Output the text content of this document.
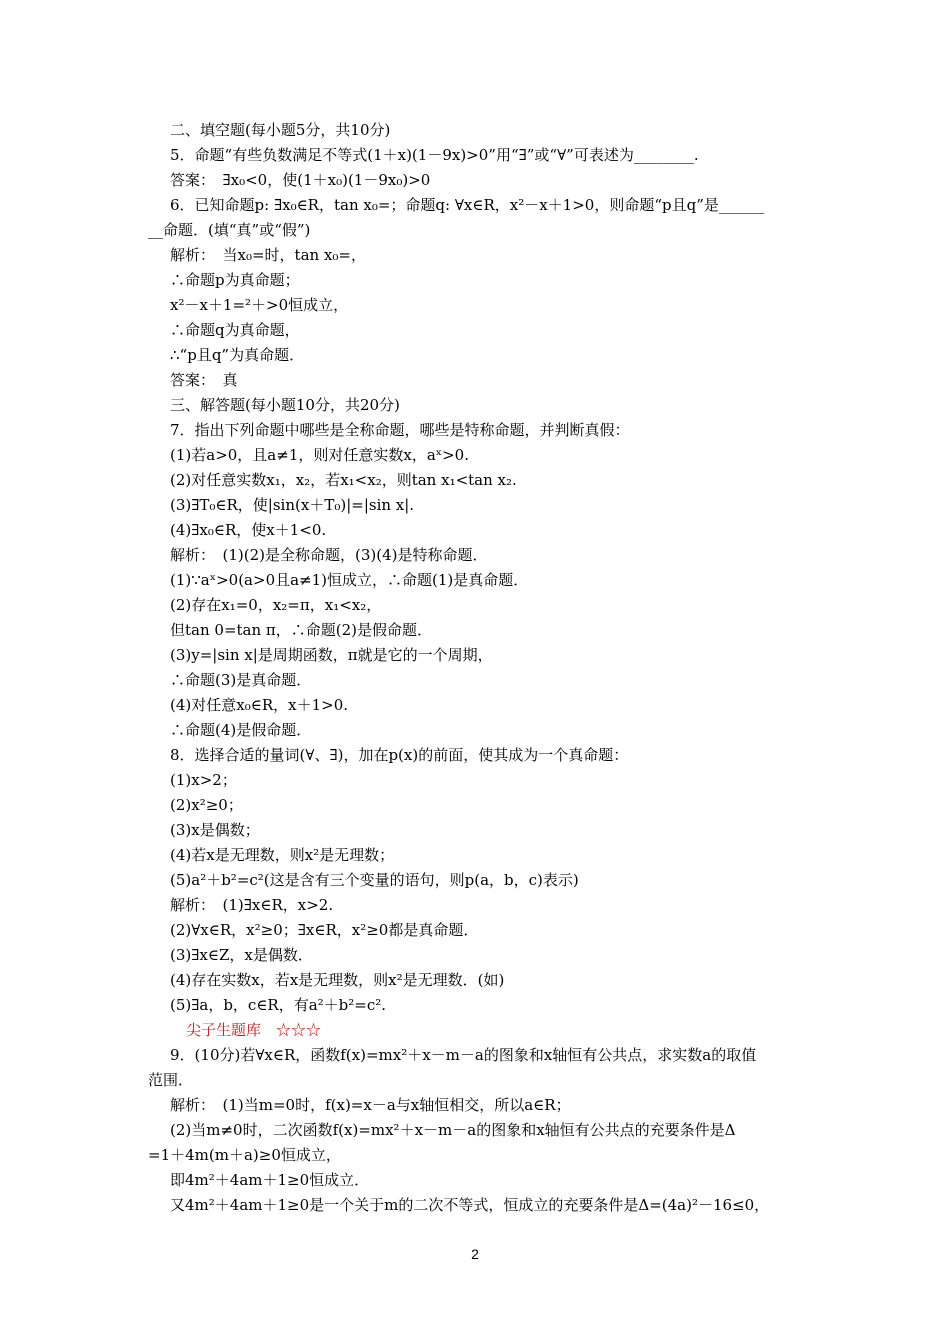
二、填空题(每小题5分，共10分)
5．命题“有些负数满足不等式(1＋x)(1－9x)>0”用“∃”或“∀”可表述为________.
答案：　∃x₀<0，使(1＋x₀)(1－9x₀)>0
6．已知命题p: ∃x₀∈R，tan x₀=；命题q: ∀x∈R，x²－x＋1>0，则命题“p且q”是______
__命题．(填“真”或“假”)
解析：　当x₀=时，tan x₀=，
∴命题p为真命题；
x²－x＋1=²＋>0恒成立，
∴命题q为真命题，
∴“p且q”为真命题．
答案：　真
三、解答题(每小题10分，共20分)
7．指出下列命题中哪些是全称命题，哪些是特称命题，并判断真假：
(1)若a>0，且a≠1，则对任意实数x，aˣ>0.
(2)对任意实数x₁，x₂，若x₁<x₂，则tan x₁<tan x₂.
(3)∃T₀∈R，使|sin(x＋T₀)|=|sin x|.
(4)∃x₀∈R，使x＋1<0.
解析：　(1)(2)是全称命题，(3)(4)是特称命题．
(1)∵aˣ>0(a>0且a≠1)恒成立，∴命题(1)是真命题．
(2)存在x₁=0，x₂=π，x₁<x₂，
但tan 0=tan π，∴命题(2)是假命题．
(3)y=|sin x|是周期函数，π就是它的一个周期，
∴命题(3)是真命题．
(4)对任意x₀∈R，x＋1>0.
∴命题(4)是假命题．
8．选择合适的量词(∀、∃)，加在p(x)的前面，使其成为一个真命题：
(1)x>2；
(2)x²≥0；
(3)x是偶数；
(4)若x是无理数，则x²是无理数；
(5)a²＋b²=c²(这是含有三个变量的语句，则p(a，b，c)表示)
解析：　(1)∃x∈R，x>2.
(2)∀x∈R，x²≥0；∃x∈R，x²≥0都是真命题．
(3)∃x∈Z，x是偶数．
(4)存在实数x，若x是无理数，则x²是无理数．(如)
(5)∃a，b，c∈R，有a²＋b²=c².
尖子生题库　☆☆☆
9．(10分)若∀x∈R，函数f(x)=mx²＋x－m－a的图象和x轴恒有公共点，求实数a的取值
范围．
解析：　(1)当m=0时，f(x)=x－a与x轴恒相交，所以a∈R；
(2)当m≠0时，二次函数f(x)=mx²＋x－m－a的图象和x轴恒有公共点的充要条件是Δ
=1＋4m(m＋a)≥0恒成立，
即4m²＋4am＋1≥0恒成立．
又4m²＋4am＋1≥0是一个关于m的二次不等式，恒成立的充要条件是Δ=(4a)²－16≤0，
2
